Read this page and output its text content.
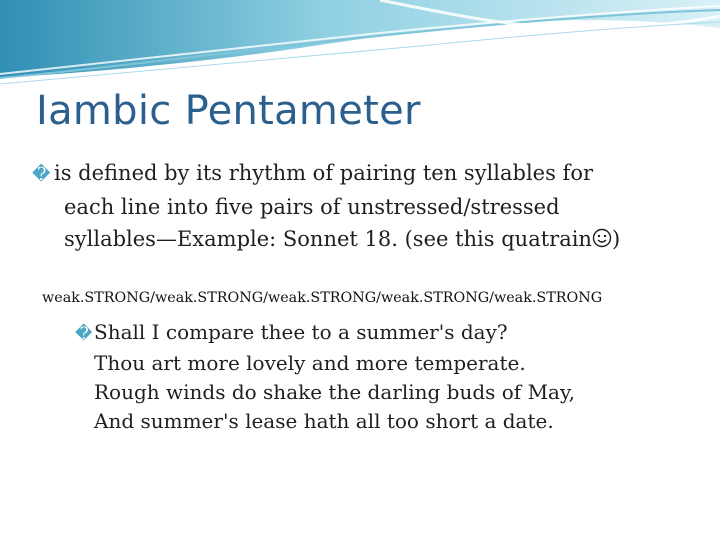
Iambic Pentameter
� is defined by its rhythm of pairing ten syllables for
each line into five pairs of unstressed/stressed
syllables—Example: Sonnet 18. (see this quatrain )
weak.STRONG/weak.STRONG/weak.STRONG/weak.STRONG/weak.STRONG
�Shall I compare thee to a summer's day?
Thou art more lovely and more temperate.
Rough winds do shake the darling buds of May,
And summer's lease hath all too short a date.
